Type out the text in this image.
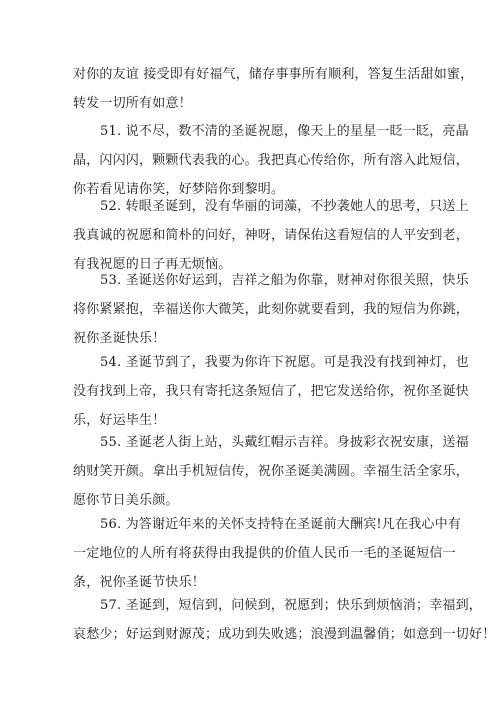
对你的友谊 接受即有好福气，储存事事所有顺利，答复生活甜如蜜，
转发一切所有如意！

51. 说不尽，数不清的圣诞祝愿，像天上的星星一眨一眨，亮晶
晶，闪闪闪，颗颗代表我的心。我把真心传给你，所有溶入此短信，
你若看见请你笑，好梦陪你到黎明。

52. 转眼圣诞到，没有华丽的词藻，不抄袭她人的思考，只送上
我真诚的祝愿和简朴的问好，神呀，请保佑这看短信的人平安到老，
有我祝愿的日子再无烦恼。

53. 圣诞送你好运到，吉祥之船为你靠，财神对你很关照，快乐
将你紧紧抱，幸福送你大微笑，此刻你就要看到，我的短信为你跳，
祝你圣诞快乐！

54. 圣诞节到了，我要为你许下祝愿。可是我没有找到神灯，也
没有找到上帝，我只有寄托这条短信了，把它发送给你，祝你圣诞快
乐，好运毕生！

55. 圣诞老人街上站，头戴红帽示吉祥。身披彩衣祝安康，送福
纳财笑开颜。拿出手机短信传，祝你圣诞美满圆。幸福生活全家乐，
愿你节日美乐颜。

56. 为答谢近年来的关怀支持特在圣诞前大酬宾!凡在我心中有
一定地位的人所有将获得由我提供的价值人民币一毛的圣诞短信一
条，祝你圣诞节快乐！

57. 圣诞到，短信到，问候到，祝愿到；快乐到烦恼消；幸福到，
哀愁少；好运到财源茂；成功到失败逃；浪漫到温馨俏；如意到一切好！
